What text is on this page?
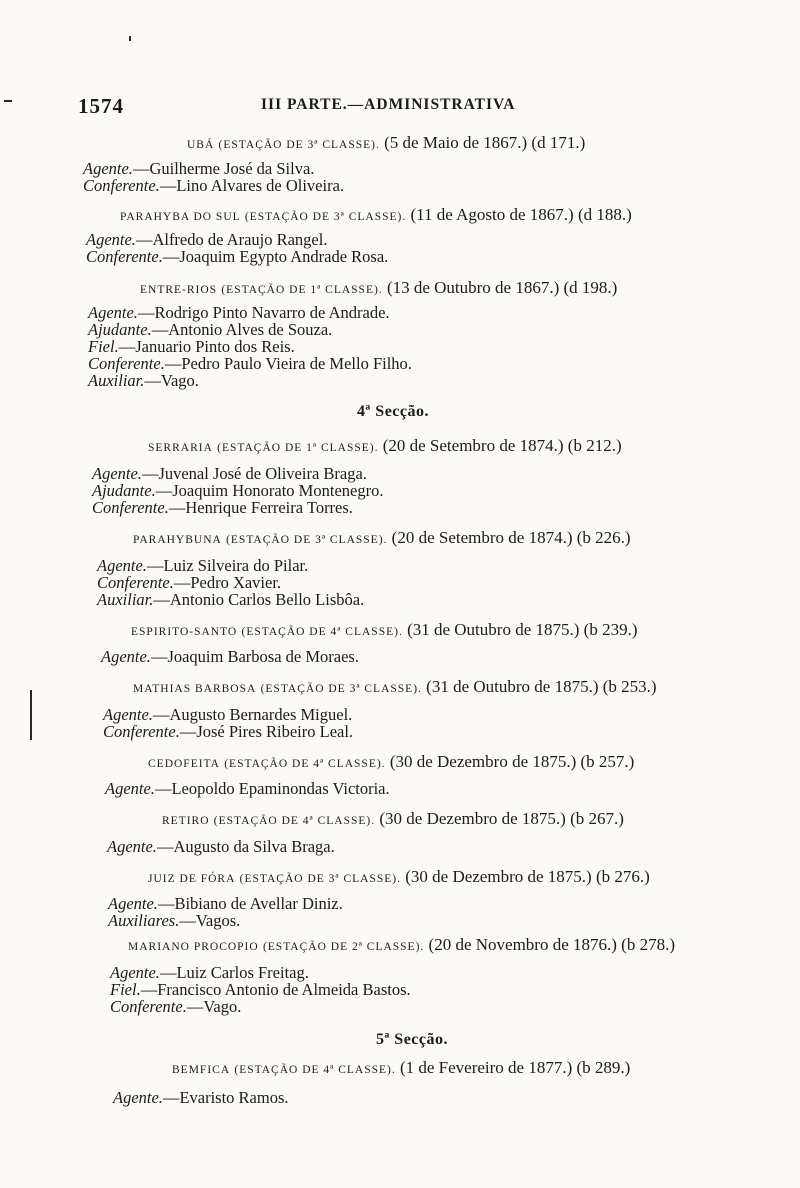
1574	III PARTE.—ADMINISTRATIVA
UBÁ (ESTAÇÃO DE 3ª CLASSE). (5 de Maio de 1867.) (d 171.)
Agente.—Guilherme José da Silva.
Conferente.—Lino Alvares de Oliveira.
PARAHYBA DO SUL (ESTAÇÃO DE 3ª CLASSE). (11 de Agosto de 1867.) (d 188.)
Agente.—Alfredo de Araujo Rangel.
Conferente.—Joaquim Egypto Andrade Rosa.
ENTRE-RIOS (ESTAÇÃO DE 1ª CLASSE). (13 de Outubro de 1867.) (d 198.)
Agente.—Rodrigo Pinto Navarro de Andrade.
Ajudante.—Antonio Alves de Souza.
Fiel.—Januario Pinto dos Reis.
Conferente.—Pedro Paulo Vieira de Mello Filho.
Auxiliar.—Vago.
4ª Secção.
SERRARIA (ESTAÇÃO DE 1ª CLASSE). (20 de Setembro de 1874.) (b 212.)
Agente.—Juvenal José de Oliveira Braga.
Ajudante.—Joaquim Honorato Montenegro.
Conferente.—Henrique Ferreira Torres.
PARAHYBUNA (ESTAÇÃO DE 3ª CLASSE). (20 de Setembro de 1874.) (b 226.)
Agente.—Luiz Silveira do Pilar.
Conferente.—Pedro Xavier.
Auxiliar.—Antonio Carlos Bello Lisbôa.
ESPIRITO-SANTO (ESTAÇÃO DE 4ª CLASSE). (31 de Outubro de 1875.) (b 239.)
Agente.—Joaquim Barbosa de Moraes.
MATHIAS BARBOSA (ESTAÇÃO DE 3ª CLASSE). (31 de Outubro de 1875.) (b 253.)
Agente.—Augusto Bernardes Miguel.
Conferente.—José Pires Ribeiro Leal.
CEDOFEITA (ESTAÇÃO DE 4ª CLASSE). (30 de Dezembro de 1875.) (b 257.)
Agente.—Leopoldo Epaminondas Victoria.
RETIRO (ESTAÇÃO DE 4ª CLASSE). (30 de Dezembro de 1875.) (b 267.)
Agente.—Augusto da Silva Braga.
JUIZ DE FÓRA (ESTAÇÃO DE 3ª CLASSE). (30 de Dezembro de 1875.) (b 276.)
Agente.—Bibiano de Avellar Diniz.
Auxiliares.—Vagos.
MARIANO PROCOPIO (ESTAÇÃO DE 2ª CLASSE). (20 de Novembro de 1876.) (b 278.)
Agente.—Luiz Carlos Freitag.
Fiel.—Francisco Antonio de Almeida Bastos.
Conferente.—Vago.
5ª Secção.
BEMFICA (ESTAÇÃO DE 4ª CLASSE). (1 de Fevereiro de 1877.) (b 289.)
Agente.—Evaristo Ramos.
